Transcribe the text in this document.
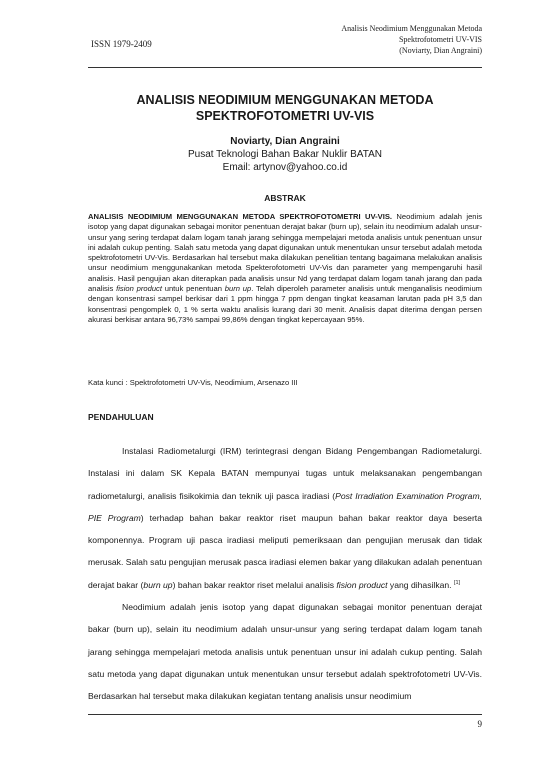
ISSN 1979-2409
Analisis Neodimium Menggunakan Metoda
Spektrofotometri UV-VIS
(Noviarty, Dian Angraini)
ANALISIS NEODIMIUM MENGGUNAKAN METODA
SPEKTROFOTOMETRI UV-VIS
Noviarty, Dian Angraini
Pusat Teknologi Bahan Bakar Nuklir BATAN
Email: artynov@yahoo.co.id
ABSTRAK
ANALISIS NEODIMIUM MENGGUNAKAN METODA SPEKTROFOTOMETRI UV-VIS. Neodimium adalah jenis isotop yang dapat digunakan sebagai monitor penentuan derajat bakar (burn up), selain itu neodimium adalah unsur-unsur yang sering terdapat dalam logam tanah jarang sehingga mempelajari metoda analisis untuk penentuan unsur ini adalah cukup penting. Salah satu metoda yang dapat digunakan untuk menentukan unsur tersebut adalah metoda spektrofotometri UV-Vis. Berdasarkan hal tersebut maka dilakukan penelitian tentang bagaimana melakukan analisis unsur neodimium menggunakankan metoda Spekterofotometri UV-Vis dan parameter yang mempengaruhi hasil analisis. Hasil pengujian akan diterapkan pada analisis unsur Nd yang terdapat dalam logam tanah jarang dan pada analisis fision product untuk penentuan burn up. Telah diperoleh parameter analisis untuk menganalisis neodimium dengan konsentrasi sampel berkisar dari 1 ppm hingga 7 ppm dengan tingkat keasaman larutan pada pH 3,5 dan konsentrasi pengomplek 0, 1 % serta waktu analisis kurang dari 30 menit. Analisis dapat diterima dengan persen akurasi berkisar antara 96,73% sampai 99,86% dengan tingkat kepercayaan 95%.
Kata kunci : Spektrofotometri UV-Vis, Neodimium, Arsenazo III
PENDAHULUAN

Instalasi Radiometalurgi (IRM) terintegrasi dengan Bidang Pengembangan Radiometalurgi. Instalasi ini dalam SK Kepala BATAN mempunyai tugas untuk melaksanakan pengembangan radiometalurgi, analisis fisikokimia dan teknik uji pasca iradiasi (Post Irradiation Examination Program, PIE Program) terhadap bahan bakar reaktor riset maupun bahan bakar reaktor daya beserta komponennya. Program uji pasca iradiasi meliputi pemeriksaan dan pengujian merusak dan tidak merusak. Salah satu pengujian merusak pasca iradiasi elemen bakar yang dilakukan adalah penentuan derajat bakar (burn up) bahan bakar reaktor riset melalui analisis fision product yang dihasilkan. [1]

Neodimium adalah jenis isotop yang dapat digunakan sebagai monitor penentuan derajat bakar (burn up), selain itu neodimium adalah unsur-unsur yang sering terdapat dalam logam tanah jarang sehingga mempelajari metoda analisis untuk penentuan unsur ini adalah cukup penting. Salah satu metoda yang dapat digunakan untuk menentukan unsur tersebut adalah spektrofotometri UV-Vis. Berdasarkan hal tersebut maka dilakukan kegiatan tentang analisis unsur neodimium

9
